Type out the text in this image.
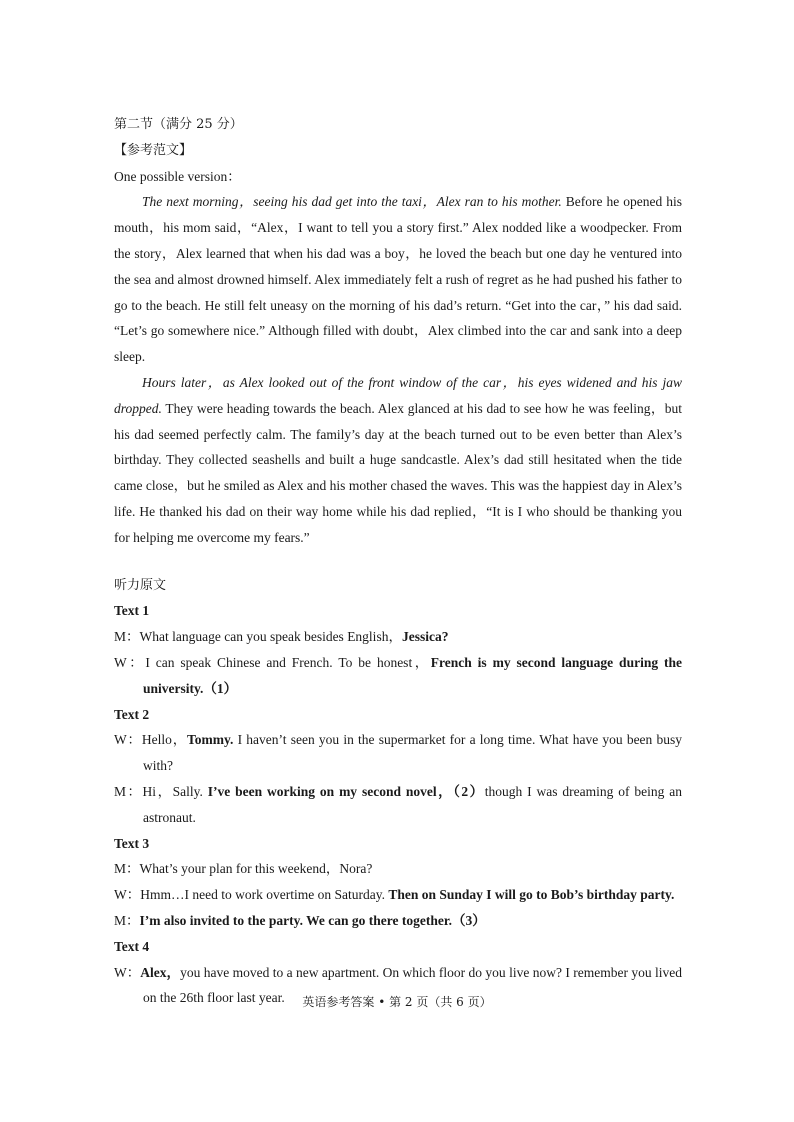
第二节（满分 25 分）
【参考范文】
One possible version：

The next morning，seeing his dad get into the taxi，Alex ran to his mother. Before he opened his mouth，his mom said，“Alex，I want to tell you a story first.” Alex nodded like a woodpecker. From the story，Alex learned that when his dad was a boy，he loved the beach but one day he ventured into the sea and almost drowned himself. Alex immediately felt a rush of regret as he had pushed his father to go to the beach. He still felt uneasy on the morning of his dad’s return. “Get into the car，” his dad said. “Let’s go somewhere nice.” Although filled with doubt，Alex climbed into the car and sank into a deep sleep.

Hours later，as Alex looked out of the front window of the car，his eyes widened and his jaw dropped. They were heading towards the beach. Alex glanced at his dad to see how he was feeling，but his dad seemed perfectly calm. The family’s day at the beach turned out to be even better than Alex’s birthday. They collected seashells and built a huge sandcastle. Alex’s dad still hesitated when the tide came close，but he smiled as Alex and his mother chased the waves. This was the happiest day in Alex’s life. He thanked his dad on their way home while his dad replied，“It is I who should be thanking you for helping me overcome my fears.”

听力原文
Text 1
M：What language can you speak besides English，Jessica?
W：I can speak Chinese and French. To be honest，French is my second language during the university.（1）
Text 2
W：Hello，Tommy. I haven’t seen you in the supermarket for a long time. What have you been busy with?
M：Hi，Sally. I’ve been working on my second novel，（2）though I was dreaming of being an astronaut.
Text 3
M：What’s your plan for this weekend，Nora?
W：Hmm…I need to work overtime on Saturday. Then on Sunday I will go to Bob’s birthday party.
M：I’m also invited to the party. We can go there together.（3）
Text 4
W：Alex，you have moved to a new apartment. On which floor do you live now? I remember you lived on the 26th floor last year.	英语参考答案 • 第 2 页（共 6 页）
